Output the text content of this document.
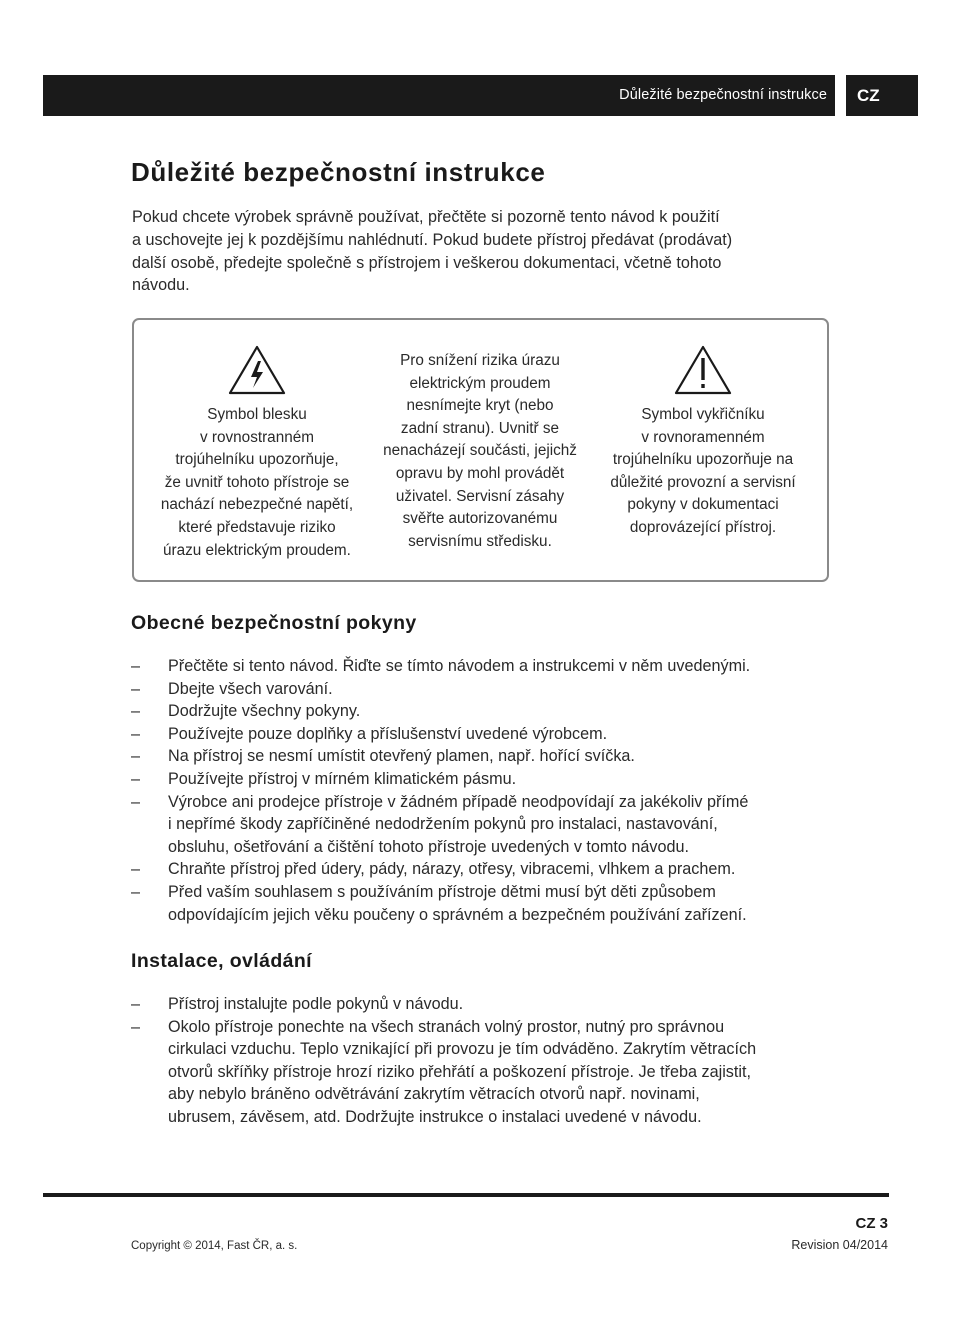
Důležité bezpečnostní instrukce	CZ
Důležité bezpečnostní instrukce

Pokud chcete výrobek správně používat, přečtěte si pozorně tento návod k použití
a uschovejte jej k pozdějšímu nahlédnutí. Pokud budete přístroj předávat (prodávat)
další osobě, předejte společně s přístrojem i veškerou dokumentaci, včetně tohoto
návodu.

Symbol blesku
v rovnostranném
trojúhelníku upozorňuje,
že uvnitř tohoto přístroje se
nachází nebezpečné napětí,
které představuje riziko
úrazu elektrickým proudem.
Pro snížení rizika úrazu
elektrickým proudem
nesnímejte kryt (nebo
zadní stranu). Uvnitř se
nenacházejí součásti, jejichž
opravu by mohl provádět
uživatel. Servisní zásahy
svěřte autorizovanému
servisnímu středisku.
Symbol vykřičníku
v rovnoramenném
trojúhelníku upozorňuje na
důležité provozní a servisní
pokyny v dokumentaci
doprovázející přístroj.
Obecné bezpečnostní pokyny
– Přečtěte si tento návod. Řiďte se tímto návodem a instrukcemi v něm uvedenými.
– Dbejte všech varování.
– Dodržujte všechny pokyny.
– Používejte pouze doplňky a příslušenství uvedené výrobcem.
– Na přístroj se nesmí umístit otevřený plamen, např. hořící svíčka.
– Používejte přístroj v mírném klimatickém pásmu.
– Výrobce ani prodejce přístroje v žádném případě neodpovídají za jakékoliv přímé
i nepřímé škody zapříčiněné nedodržením pokynů pro instalaci, nastavování,
obsluhu, ošetřování a čištění tohoto přístroje uvedených v tomto návodu.
– Chraňte přístroj před údery, pády, nárazy, otřesy, vibracemi, vlhkem a prachem.
– Před vaším souhlasem s používáním přístroje dětmi musí být děti způsobem
odpovídajícím jejich věku poučeny o správném a bezpečném používání zařízení.
Instalace, ovládání
– Přístroj instalujte podle pokynů v návodu.
– Okolo přístroje ponechte na všech stranách volný prostor, nutný pro správnou
cirkulaci vzduchu. Teplo vznikající při provozu je tím odváděno. Zakrytím větracích
otvorů skříňky přístroje hrozí riziko přehřátí a poškození přístroje. Je třeba zajistit,
aby nebylo bráněno odvětrávání zakrytím větracích otvorů např. novinami,
ubrusem, závěsem, atd. Dodržujte instrukce o instalaci uvedené v návodu.
CZ 3
Copyright © 2014, Fast ČR, a. s.	Revision 04/2014
